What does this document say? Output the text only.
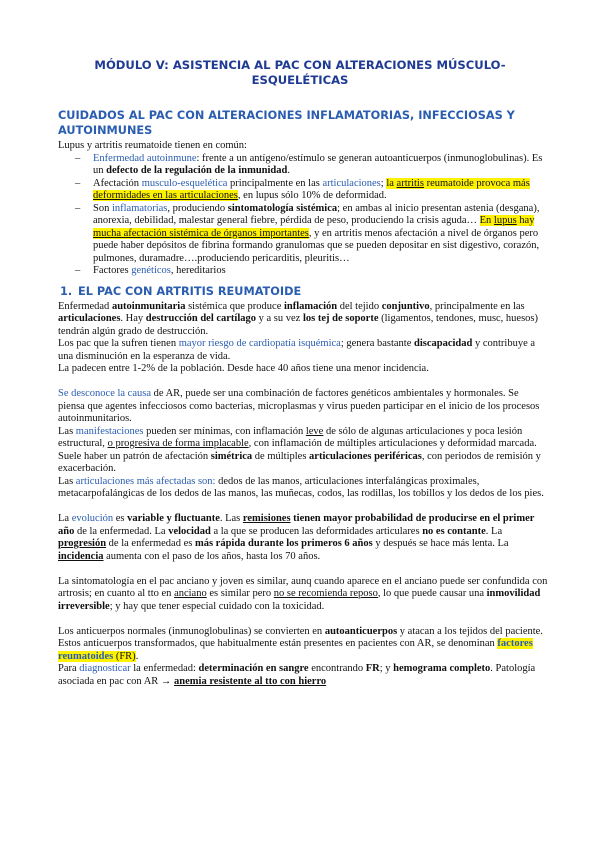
MÓDULO V: ASISTENCIA AL PAC CON ALTERACIONES MÚSCULO-ESQUELÉTICAS
CUIDADOS AL PAC CON ALTERACIONES INFLAMATORIAS, INFECCIOSAS Y AUTOINMUNES

Lupus y artritis reumatoide tienen en común:

– Enfermedad autoinmune: frente a un antígeno/estímulo se generan autoanticuerpos (inmunoglobulinas). Es un defecto de la regulación de la inmunidad.
– Afectación musculo-esquelética principalmente en las articulaciones; la artritis reumatoide provoca más deformidades en las articulaciones, en lupus sólo 10% de deformidad.
– Son inflamatorias, produciendo sintomatología sistémica; en ambas al inicio presentan astenia (desgana), anorexia, debilidad, malestar general fiebre, pérdida de peso, produciendo la crisis aguda… En lupus hay mucha afectación sistémica de órganos importantes, y en artritis menos afectación a nivel de órganos pero puede haber depósitos de fibrina formando granulomas que se pueden depositar en sist digestivo, corazón, pulmones, duramadre….produciendo pericarditis, pleuritis…
– Factores genéticos, hereditarios
1. EL PAC CON ARTRITIS REUMATOIDE

Enfermedad autoinmunitaria sistémica que produce inflamación del tejido conjuntivo, principalmente en las articulaciones. Hay destrucción del cartílago y a su vez los tej de soporte (ligamentos, tendones, musc, huesos) tendrán algún grado de destrucción.

Los pac que la sufren tienen mayor riesgo de cardiopatía isquémica; genera bastante discapacidad y contribuye a una disminución en la esperanza de vida.

La padecen entre 1-2% de la población. Desde hace 40 años tiene una menor incidencia.

Se desconoce la causa de AR, puede ser una combinación de factores genéticos ambientales y hormonales. Se piensa que agentes infecciosos como bacterias, microplasmas y virus pueden participar en el inicio de los procesos autoinmunitarios.

Las manifestaciones pueden ser mínimas, con inflamación leve de sólo de algunas articulaciones y poca lesión estructural, o progresiva de forma implacable, con inflamación de múltiples articulaciones y deformidad marcada. Suele haber un patrón de afectación simétrica de múltiples articulaciones periféricas, con periodos de remisión y exacerbación.

Las articulaciones más afectadas son: dedos de las manos, articulaciones interfalángicas proximales, metacarpofalángicas de los dedos de las manos, las muñecas, codos, las rodillas, los tobillos y los dedos de los pies.

La evolución es variable y fluctuante. Las remisiones tienen mayor probabilidad de producirse en el primer año de la enfermedad. La velocidad a la que se producen las deformidades articulares no es contante. La progresión de la enfermedad es más rápida durante los primeros 6 años y después se hace más lenta. La incidencia aumenta con el paso de los años, hasta los 70 años.

La sintomatología en el pac anciano y joven es similar, aunq cuando aparece en el anciano puede ser confundida con artrosis; en cuanto al tto en anciano es similar pero no se recomienda reposo, lo que puede causar una inmovilidad irreversible; y hay que tener especial cuidado con la toxicidad.

Los anticuerpos normales (inmunoglobulinas) se convierten en autoanticuerpos y atacan a los tejidos del paciente. Estos anticuerpos transformados, que habitualmente están presentes en pacientes con AR, se denominan factores reumatoides (FR).

Para diagnosticar la enfermedad: determinación en sangre encontrando FR; y hemograma completo. Patología asociada en pac con AR → anemia resistente al tto con hierro
